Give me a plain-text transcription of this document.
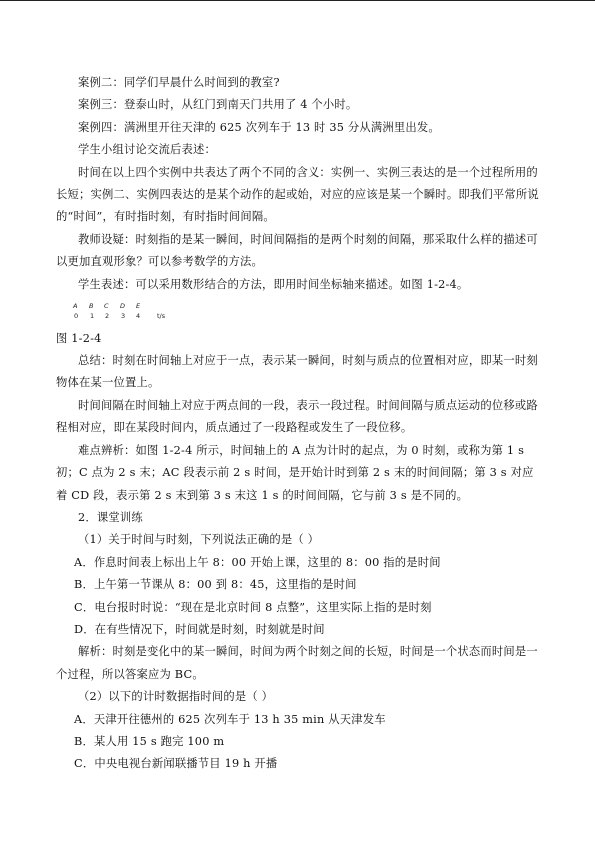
案例二：同学们早晨什么时间到的教室?

案例三：登泰山时，从红门到南天门共用了 4 个小时。

案例四：满洲里开往天津的 625 次列车于 13 时 35 分从满洲里出发。

学生小组讨论交流后表述：

时间在以上四个实例中共表达了两个不同的含义：实例一、实例三表达的是一个过程所用的长短；实例二、实例四表达的是某个动作的起或始，对应的应该是某一个瞬时。即我们平常所说的“时间”，有时指时刻，有时指时间间隔。

教师设疑：时刻指的是某一瞬间，时间间隔指的是两个时刻的间隔，那采取什么样的描述可以更加直观形象？可以参考数学的方法。

学生表述：可以采用数形结合的方法，即用时间坐标轴来描述。如图 1-2-4。

A B C D E
0 1 2 3 4	t/s

图 1-2-4

总结：时刻在时间轴上对应于一点，表示某一瞬间，时刻与质点的位置相对应，即某一时刻物体在某一位置上。

时间间隔在时间轴上对应于两点间的一段，表示一段过程。时间间隔与质点运动的位移或路程相对应，即在某段时间内，质点通过了一段路程或发生了一段位移。

难点辨析：如图 1-2-4 所示，时间轴上的 A 点为计时的起点，为 0 时刻，或称为第 1 s 初；C 点为 2 s 末；AC 段表示前 2 s 时间，是开始计时到第 2 s 末的时间间隔；第 3 s 对应着 CD 段，表示第 2 s 末到第 3 s 末这 1 s 的时间间隔，它与前 3 s 是不同的。

2．课堂训练

（1）关于时间与时刻，下列说法正确的是（ ）

A．作息时间表上标出上午 8：00 开始上课，这里的 8：00 指的是时间

B．上午第一节课从 8：00 到 8：45，这里指的是时间

C．电台报时时说：“现在是北京时间 8 点整”，这里实际上指的是时刻

D．在有些情况下，时间就是时刻，时刻就是时间

解析：时刻是变化中的某一瞬间，时间为两个时刻之间的长短，时间是一个状态而时间是一个过程，所以答案应为 BC。

（2）以下的计时数据指时间的是（ ）

A．天津开往德州的 625 次列车于 13 h 35 min 从天津发车

B．某人用 15 s 跑完 100 m

C．中央电视台新闻联播节目 19 h 开播
